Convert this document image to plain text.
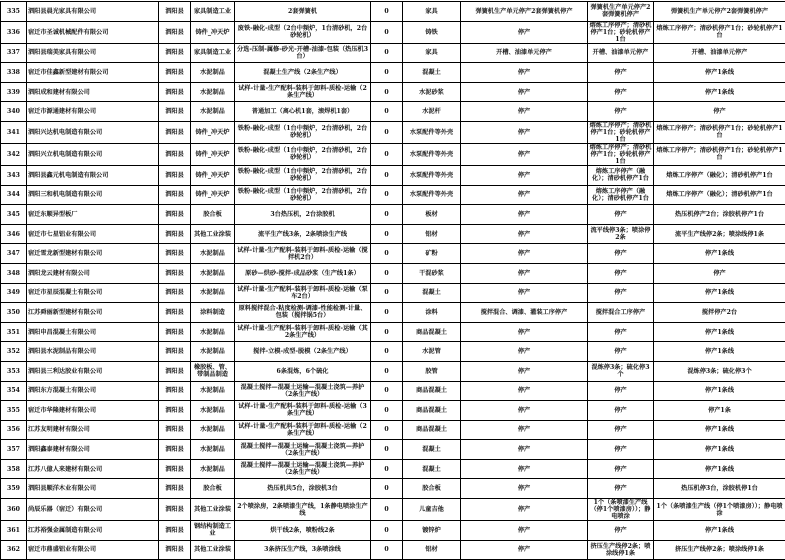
335	泗阳县晨光家具有限公司	泗阳县	家具制造工业	2套弹簧机	0	家具	弹簧机生产单元停产2套弹簧机停产	弹簧机生产单元停产2套弹簧机停产	弹簧机生产单元停产2套弹簧机停产
336	宿迁市圣诚机械配件有限公司	泗阳县	铸件_冲天炉	废铁-融化-成型（2台中频炉，1台清砂机，2台砂轮机）	0	铸铁	停产	熔炼工序停产；清砂机停产1台；砂轮机停产1台	熔炼工序停产；清砂机停产1台；砂轮机停产1台
337	泗阳县瑞美家具有限公司	泗阳县	家具制造工业	分选-压制-属修-砂光-开槽-油漆-包装（热压机3台）	0	家具	开槽、油漆单元停产	开槽、油漆单元停产	开槽、油漆单元停产
338	宿迁市佳鑫新型建材有限公司	泗阳县	水泥制品	混凝土生产线（2条生产线）	0	混凝土	停产	停产	停产1条线
339	泗阳成和建材有限公司	泗阳县	水泥制品	试样-计量-生产配料-装料于卸料-质检-运输（2条生产线）	0	水泥砂浆	停产	停产	停产1条线
340	宿迁市源通建材有限公司	泗阳县	水泥制品	普通加工（离心机1套，滚焊机1套）	0	水泥杆	停产	停产	停产
341	泗阳兴达机电制造有限公司	泗阳县	铸件_冲天炉	铁粉-融化-成型（1台中频炉，2台清砂机，2台砂轮机）	0	水泵配件等外壳	停产	熔炼工序停产；清砂机停产1台；砂轮机停产1台	熔炼工序停产；清砂机停产1台；砂轮机停产1台
342	泗阳兴立机电制造有限公司	泗阳县	铸件_冲天炉	铁粉-融化-成型（1台中频炉，2台清砂机，2台砂轮机）	0	水泵配件等外壳	停产	熔炼工序停产；清砂机停产1台；砂轮机停产1台	熔炼工序停产；清砂机停产1台；砂轮机停产1台
343	泗阳县鑫元机电制造有限公司	泗阳县	铸件_冲天炉	铁粉-融化-成型（1台中频炉，2台清砂机，2台砂轮机）	0	水泵配件等外壳	停产	熔炼工序停产（融化）；清砂机停产1台	熔炼工序停产（融化）；清砂机停产1台
344	泗阳三和机电制造有限公司	泗阳县	铸件_冲天炉	铁粉-融化-成型（1台中频炉，2台清砂机，2台砂轮机）	0	水泵配件等外壳	停产	熔炼工序停产（融化）；清砂机停产1台	熔炼工序停产（融化）；清砂机停产1台
345	宿迁东顺异型板厂	泗阳县	胶合板	3台热压机，2台涂胶机	0	板材	停产	停产	热压机停产2台；涂胶机停产1台
346	宿迁市七星铝业有限公司	泗阳县	其他工业涂装	流平生产线3条，2条喷涂生产线	0	铝材	停产	流平线停3条；喷涂停2条	流平生产线停2条；喷涂线停1条
347	宿迁雪龙新型建材有限公司	泗阳县	水泥制品	试样-计量-生产配料-装料于卸料-质检-运输（搅拌机2台）	0	矿粉	停产	停产	停产1条线
348	泗阳龙云建材有限公司	泗阳县	水泥制品	原砂—烘砂-搅拌-成品砂浆（生产线1条）	0	干混砂浆	停产	停产	停产
349	宿迁市星辰混凝土有限公司	泗阳县	水泥制品	试样-计量-生产配料-装料于卸料-质检-运输（泵车2台）	0	混凝土	停产	停产	停产1条线
350	江苏舜丽新型建材有限公司	泗阳县	涂料制造	原料搅拌混合-粘度检测-调漆-性能检测-计量、包装（搅拌锅5台）	0	涂料	搅拌混合、调漆、灌装工序停产	搅拌混合工序停产	搅拌停产2台
351	泗阳申昌混凝土有限公司	泗阳县	水泥制品	试样-计量-生产配料-装料于卸料-质检-运输（其2条生产线）	0	商品混凝土	停产	停产	停产1条线
352	泗阳县水泥制品有限公司	泗阳县	水泥制品	搅拌-立模-成型-脱模（2条生产线）	0	水泥管	停产	停产	停产1条线
353	泗阳县三利达胶业有限公司	泗阳县	橡胶板、管、带制品制造	6条混炼，6个硫化	0	胶管	停产	混炼停3条；硫化停3个	混炼停3条；硫化停3个
354	泗阳东方混凝土有限公司	泗阳县	水泥制品	混凝土搅拌—混凝土运输—混凝土浇筑—养护（2条生产线）	0	商品混凝土	停产	停产	停产1条线
355	宿迁市华隆建材有限公司	泗阳县	水泥制品	试样-计量-生产配料-装料于卸料-质检-运输（3条生产线）	0	商品混凝土	停产	停产	停产1条
356	江苏友明建材有限公司	泗阳县	水泥制品	试样-计量-生产配料-装料于卸料-质检-运输（2条生产线）	0	商品混凝土	停产	停产	停产1条线
357	泗阳鑫泰建材有限公司	泗阳县	水泥制品	混凝土搅拌—混凝土运输—混凝土浇筑—养护（2条生产线）	0	混凝土	停产	停产	停产1条线
358	江苏八億人来建材有限公司	泗阳县	水泥制品	混凝土搅拌—混凝土运输—混凝土浇筑—养护（2条生产线）	0	混凝土	停产	停产	停产1条线
359	泗阳县顺洋木业有限公司	泗阳县	胶合板	热压机共5台，涂胶机3台	0	胶合板	停产	停产	热压机停3台，涂胶机停1台
360	尚辰乐器（宿迁）有限公司	泗阳县	其他工业涂装	2个喷涂房，2条喷漆生产线，1条静电喷涂生产线	0	儿童吉他	停产	1个（条喷漆生产线（停1个喷漆房））；静电喷涂	1个（条喷漆生产线（停1个喷漆房））；静电喷涂
361	江苏裕强金属制造有限公司	泗阳县	钢结构制造工业	烘干线2条，喷粉线2条	0	镀锌炉	停产	停产	停产1条线
362	宿迁市鼎盛铝业有限公司	泗阳县	其他工业涂装	3条挤压生产线，3条喷涂线	0	铝材	停产	挤压生产线停2条；喷涂线停1条	挤压生产线停2条；喷涂线停1条
